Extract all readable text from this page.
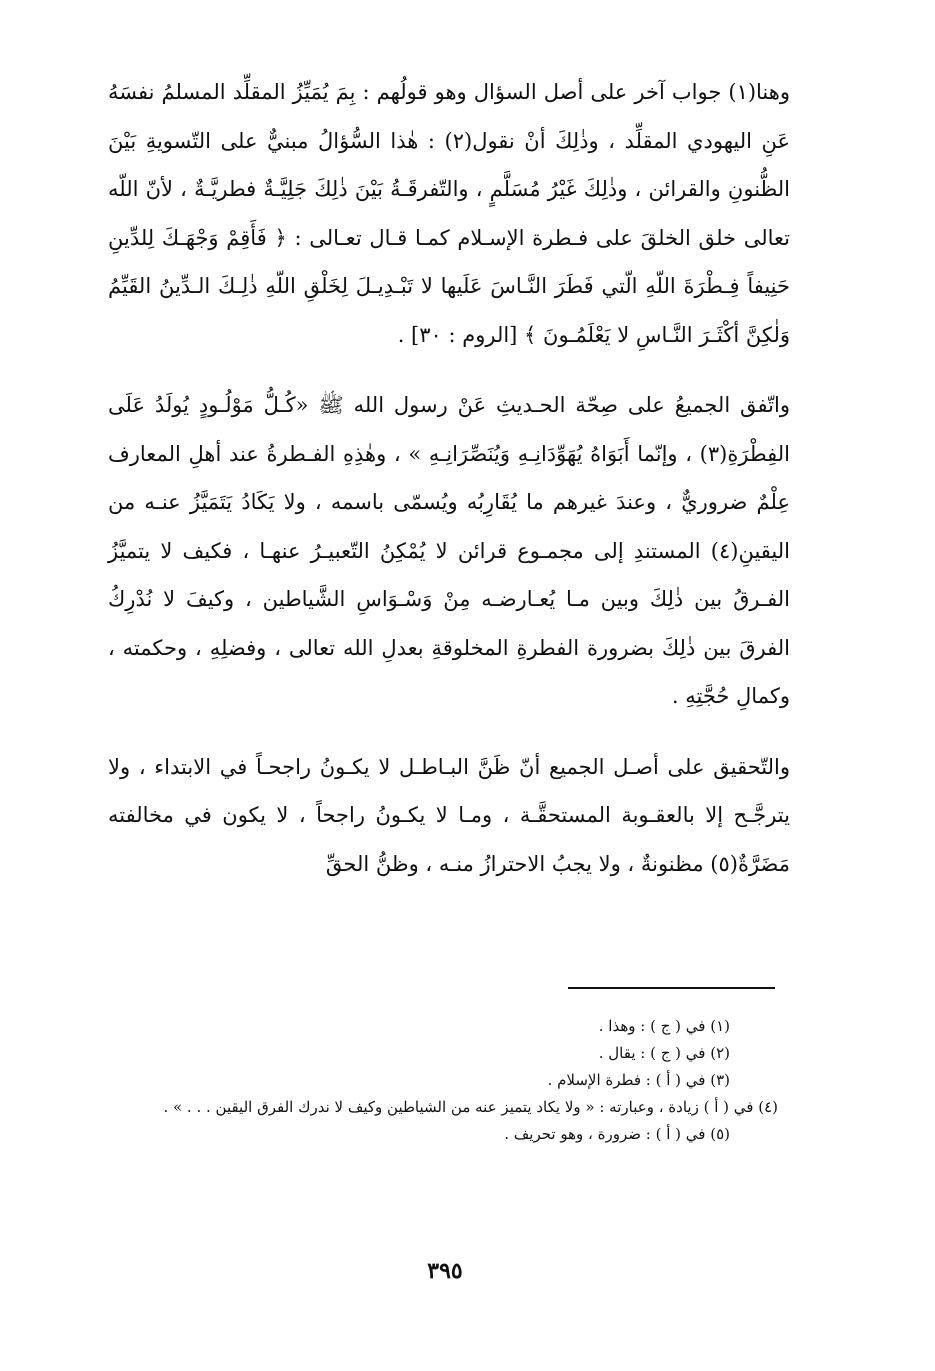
وهنا(١) جواب آخر على أصل السؤال وهو قولُهم : بِمَ يُمَيِّزُ المقلِّد المسلمُ نفسَهُ عَنِ اليهودي المقلِّد ، وذٰلِكَ أنْ نقول(٢) : هٰذا السُّؤالُ مبنيٌّ على التّسويةِ بَيْنَ الظُّنونِ والقرائن ، وذٰلِكَ غَيْرُ مُسَلَّمٍ ، والتّفرقَـةُ بَيْنَ ذٰلِكَ جَلِيَّـةٌ فطريَّـةٌ ، لأنّ اللّه تعالى خلق الخلقَ على فـطرة الإسـلام كمـا قـال تعـالى : ﴿ فَأَقِمْ وَجْهَـكَ لِلدِّينِ حَنِيفاً فِـطْرَةَ اللّهِ الّتي فَطَرَ النَّـاسَ عَلَيها لا تَبْـدِيـلَ لِخَلْقِ اللّهِ ذٰلِـكَ الـدِّينُ القَيِّمُ وَلٰكِنَّ أكْثَـرَ النَّـاسِ لا يَعْلَمُـونَ ﴾ [الروم : ٣٠] .

واتّفق الجميعُ على صِحّة الحـديثِ عَنْ رسول الله ﷺ «كُـلُّ مَوْلُـودٍ يُولَدُ عَلَى الفِطْرَةِ(٣) ، وإنّما أَبَوَاهُ يُهَوِّدَانِـهِ وَيُنَصِّرَانِـهِ » ، وهٰذِهِ الفـطرةُ عند أهلِ المعارف عِلْمٌ ضروريٌّ ، وعندَ غيرهم ما يُقَارِبُه ويُسمّى باسمه ، ولا يَكَادُ يَتَمَيَّزُ عنـه من اليقينِ(٤) المستندِ إلى مجمـوع قرائن لا يُمْكِنُ التّعبيـرُ عنهـا ، فكيف لا يتميَّزُ الفـرقُ بين ذٰلِكَ وبين مـا يُعـارضـه مِنْ وَسْـوَاسِ الشَّياطين ، وكيفَ لا نُدْرِكُ الفرقَ بين ذٰلِكَ بضرورة الفطرةِ المخلوقةِ بعدلِ الله تعالى ، وفضلِهِ ، وحكمته ، وكمالِ حُجَّتِهِ .

والتّحقيق على أصـل الجميع أنّ ظَنَّ البـاطـل لا يكـونُ راجحـاً في الابتداء ، ولا يترجَّـح إلا بالعقـوبة المستحقَّـة ، ومـا لا يكـونُ راجحاً ، لا يكون في مخالفته مَضَرَّةٌ(٥) مظنونةٌ ، ولا يجبُ الاحترازُ منـه ، وظنُّ الحقِّ

(١) في ( ج ) : وهذا .
(٢) في ( ج ) : يقال .
(٣) في ( أ ) : فطرة الإسلام .
(٤) في ( أ ) زيادة ، وعبارته : « ولا يكاد يتميز عنه من الشياطين وكيف لا ندرك الفرق اليقين . . . » .
(٥) في ( أ ) : ضرورة ، وهو تحريف .
٣٩٥
